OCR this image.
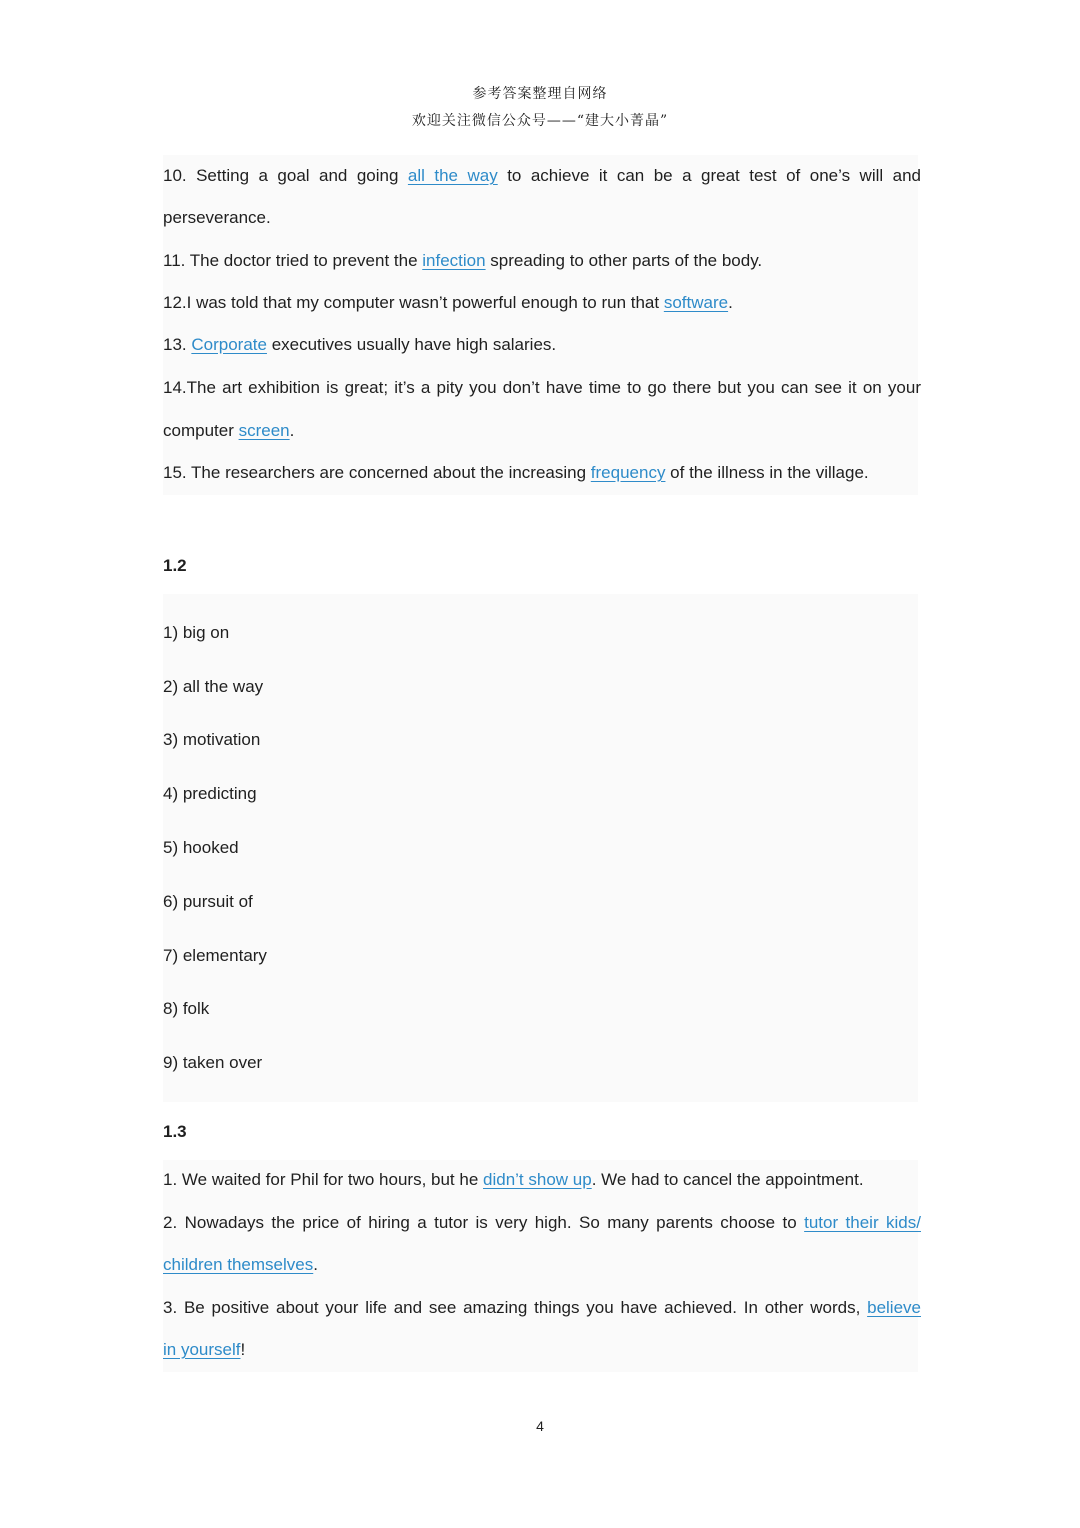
参考答案整理自网络
欢迎关注微信公众号——“建大小菁晶”
10. Setting a goal and going all the way to achieve it can be a great test of one’s will and
perseverance.
11. The doctor tried to prevent the infection spreading to other parts of the body.
12.I was told that my computer wasn’t powerful enough to run that software.
13. Corporate executives usually have high salaries.
14.The art exhibition is great; it’s a pity you don’t have time to go there but you can see it on your
computer screen.
15. The researchers are concerned about the increasing frequency of the illness in the village.
1.2
1) big on
2) all the way
3) motivation
4) predicting
5) hooked
6) pursuit of
7) elementary
8) folk
9) taken over
1.3
1. We waited for Phil for two hours, but he didn’t show up. We had to cancel the appointment.
2. Nowadays the price of hiring a tutor is very high. So many parents choose to tutor their kids/
children themselves.
3. Be positive about your life and see amazing things you have achieved. In other words, believe
in yourself!
4
